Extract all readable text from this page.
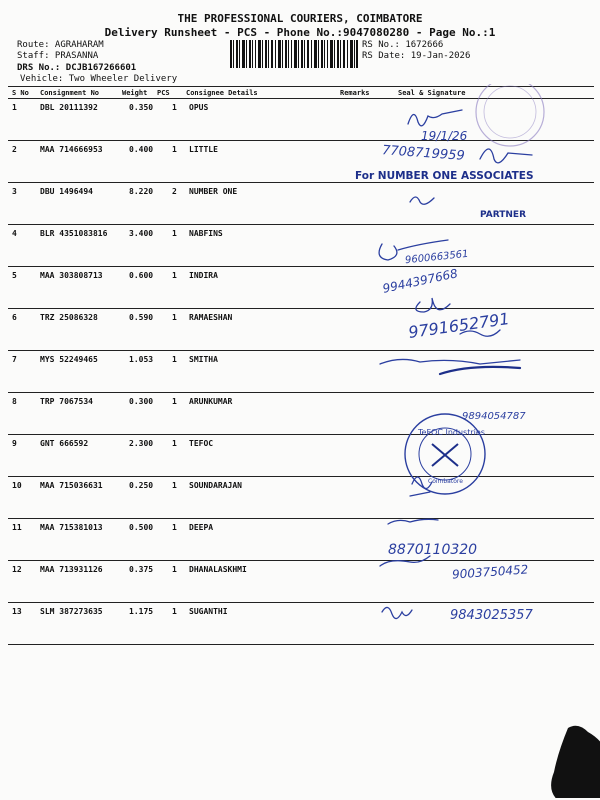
THE PROFESSIONAL COURIERS, COIMBATORE
Delivery Runsheet - PCS - Phone No.:9047080280 - Page No.:1
Route: AGRAHARAM
Staff: PRASANNA
DRS No.: DCJB167266601
Vehicle: Two Wheeler Delivery
RS No.: 1672666
RS Date: 19-Jan-2026
S No Consignment No	Weight PCS Consignee Details	Remarks	Seal & Signature
1	DBL 20111392	0.350 1 OPUS
2	MAA 714666953	0.400 1 LITTLE
3	DBU 1496494	8.220 2 NUMBER ONE
4	BLR 4351083816	3.400 1 NABFINS
5	MAA 303808713	0.600 1 INDIRA
6	TRZ 25086328	0.590 1 RAMAESHAN
7	MYS 52249465	1.053 1 SMITHA
8	TRP 7067534	0.300 1 ARUNKUMAR
9	GNT 666592	2.300 1 TEFOC
10 MAA 715036631	0.250 1 SOUNDARAJAN
11 MAA 715381013	0.500 1 DEEPA
12 MAA 713931126	0.375 1 DHANALASKHMI
13 SLM 387273635	1.175 1 SUGANTHI
19/1/26
7708719959
For NUMBER ONE ASSOCIATES
PARTNER
9600663561
9944397668
9791652791
9894054787
TeFOC Industries
Coimbatore
8870110320
9003750452
9843025357
